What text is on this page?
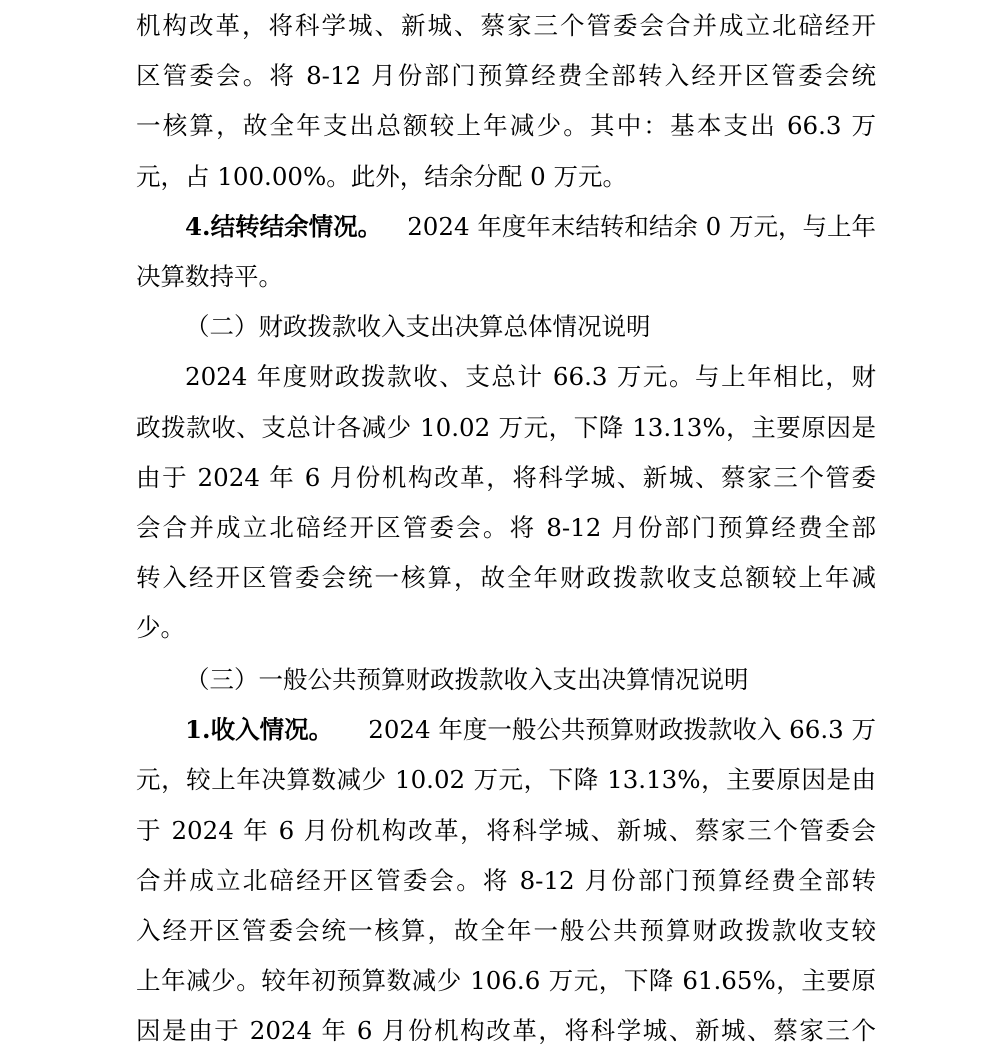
机构改革，将科学城、新城、蔡家三个管委会合并成立北碚经开
区管委会。将 8-12 月份部门预算经费全部转入经开区管委会统
一核算，故全年支出总额较上年减少。其中：基本支出 66.3 万
元，占 100.00%。此外，结余分配 0 万元。
4.结转结余情况。 2024 年度年末结转和结余 0 万元，与上年
决算数持平。
（二）财政拨款收入支出决算总体情况说明
2024 年度财政拨款收、支总计 66.3 万元。与上年相比，财
政拨款收、支总计各减少 10.02 万元，下降 13.13%，主要原因是
由于 2024 年 6 月份机构改革，将科学城、新城、蔡家三个管委
会合并成立北碚经开区管委会。将 8-12 月份部门预算经费全部
转入经开区管委会统一核算，故全年财政拨款收支总额较上年减
少。
（三）一般公共预算财政拨款收入支出决算情况说明
1.收入情况。 2024 年度一般公共预算财政拨款收入 66.3 万
元，较上年决算数减少 10.02 万元，下降 13.13%，主要原因是由
于 2024 年 6 月份机构改革，将科学城、新城、蔡家三个管委会
合并成立北碚经开区管委会。将 8-12 月份部门预算经费全部转
入经开区管委会统一核算，故全年一般公共预算财政拨款收支较
上年减少。较年初预算数减少 106.6 万元，下降 61.65%，主要原
因是由于 2024 年 6 月份机构改革，将科学城、新城、蔡家三个
